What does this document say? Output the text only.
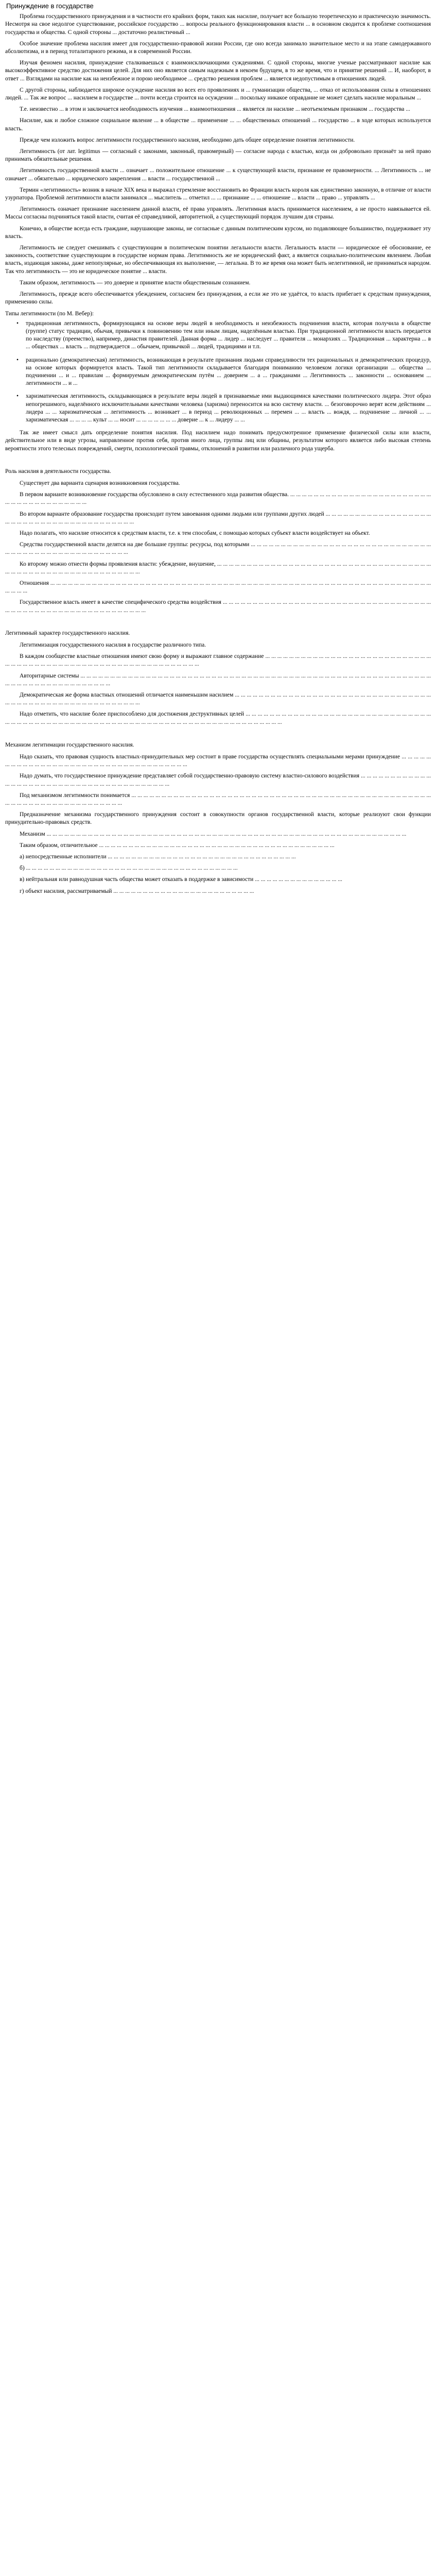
Принуждение в государстве
Проблема государственного принуждения и в частности его крайних форм, таких как насилие, получает все большую теоретическую и практическую значимость. Несмотря на свое недолгое существование, российское государство ... вопросы реального функционирования власти ... в основном сводится к проблеме соотношения государства и общества. С одной стороны ... достаточно реалистичный ...
Особое значение проблема насилия имеет для государственно-правовой жизни России, где оно всегда занимало значительное место и на этапе самодержавного абсолютизма, и в период тоталитарного режима, и в современной России.
Изучая феномен насилия, принуждение сталкиваешься с взаимоисключающими суждениями. С одной стороны, многие ученые рассматривают насилие как высокоэффективное средство достижения целей. Для них оно является самым надежным в некоем будущем, в то же время, что и принятие решений ... И, наоборот, в ответ ... Взглядами на насилие как на неизбежное и порою необходимое ... средство решения проблем ... является недопустимым в отношениях людей.
С другой стороны, наблюдается широкое осуждение насилия во всех его проявлениях и ... гуманизации общества, ... отказ от использования силы в отношениях людей. ... Так же вопрос ... насилием в государстве ... почти всегда строится на осуждении ... поскольку никакое оправдание не может сделать насилие моральным ...
Т.е. неизвестно ... в этом и заключается необходимость изучения ... взаимоотношения ... является ли насилие ... неотъемлемым признаком ... государства ...
Насилие, как и любое сложное социальное явление ... в обществе ... применение ... ... общественных отношений ... государство ... в ходе которых используется власть.
Прежде чем изложить вопрос легитимности государственного насилия, необходимо дать общее определение понятия легитимности.
Легитимность (от лат. legitimus — согласный с законами, законный, правомерный) — согласие народа с властью, когда он добровольно признаёт за ней право принимать обязательные решения.
Легитимность государственной власти ... означает ... положительное отношение ... к существующей власти, признание ее правомерности. ... Легитимность ... не означает ... обязательно ... юридического закрепления ... власти ... государственной ...
Термин «легитимность» возник в начале XIX века и выражал стремление восстановить во Франции власть короля как единственно законную, в отличие от власти узурпатора. Проблемой легитимности власти занимался ... мыслитель ... отметил ... ... признание ... ... отношение ... власти ... право ... управлять ...
Легитимность означает признание населением данной власти, её права управлять. Легитимная власть принимается населением, а не просто навязывается ей. Массы согласны подчиняться такой власти, считая её справедливой, авторитетной, а существующий порядок лучшим для страны.
Конечно, в обществе всегда есть граждане, нарушающие законы, не согласные с данным политическим курсом, но подавляющее большинство, поддерживает эту власть.
Легитимность не следует смешивать с существующим в политическом понятии легальности власти. Легальность власти — юридическое её обоснование, ее законность, соответствие существующим в государстве нормам права. Легитимность же не юридический факт, а является социально-политическим явлением. Любая власть, издающая законы, даже непопулярные, но обеспечивающая их выполнение, — легальна. В то же время она может быть нелегитимной, не приниматься народом. Так что легитимность — это не юридическое понятие ... власти.
Таким образом, легитимность — это доверие и принятие власти общественным сознанием.
Легитимность, прежде всего обеспечивается убеждением, согласием без принуждения, а если же это не удаётся, то власть прибегает к средствам принуждения, применению силы.
Типы легитимности (по М. Вебер):
• традиционная легитимность, формирующаяся на основе веры людей в необходимость и неизбежность подчинения власти, которая получила в обществе (группе) статус традиции, обычая, привычки к повиновению тем или иным лицам, наделённым властью. При традиционной легитимности власть передается по наследству (преемство), например, династия правителей. Данная форма ... лидер ... наследует ... правителя ... монархиях ... Традиционная ... характерна ... в ... обществах ... власть ... подтверждается ... обычаем, привычкой ... людей, традициями и т.п.
• рационально (демократическая) легитимность, возникающая в результате признания людьми справедливости тех рациональных и демократических процедур, на основе которых формируется власть. Такой тип легитимности складывается благодаря пониманию человеком логики организации ... общества ... подчинении ... и ... правилам ... формируемым демократическим путём ... доверием ... а ... гражданами ... Легитимность ... законности ... основанием ... легитимности ... и ...
• харизматическая легитимность, складывающаяся в результате веры людей в признаваемые ими выдающимися качествами политического лидера. Этот образ непогрешимого, наделённого исключительными качествами человека (харизма) переносится на всю систему власти. ... безоговорочно верят всем действиям ... лидера ... ... харизматическая ... легитимность ... возникает ... в период ... революционных ... перемен ... ... власть ... вождя, ... подчинение ... личной ... ... харизматическая ... ... ... ... культ ... ... носит ... ... ... ... ... ... ... доверие ... к ... лидеру ... ...
Так же имеет смысл дать определение понятия насилия. Под насилием надо понимать предусмотренное применение физической силы или власти, действительное или в виде угрозы, направленное против себя, против иного лица, группы лиц или общины, результатом которого является либо высокая степень вероятности этого телесных повреждений, смерти, психологической травмы, отклонений в развитии или различного рода ущерба.
Роль насилия в деятельности государства.
Существует два варианта сценария возникновения государства.
В первом варианте возникновение государства обусловлено в силу естественного хода развития общества. ... ... ... ... ... ... ... ... ... ... ... ... ... ... ... ... ... ... ... ... ... ... ... ... ... ... ... ... ... ... ... ... ... ... ... ... ... ...
Во втором варианте образование государства происходит путем завоевания одними людьми или группами других людей ... ... ... ... ... ... ... ... ... ... ... ... ... ... ... ... ... ... ... ... ... ... ... ... ... ... ... ... ... ... ... ... ... ... ... ... ... ... ... ...
Надо полагать, что насилие относится к средствам власти, т.е. к тем способам, с помощью которых субъект власти воздействует на объект.
Средства государственной власти делятся на две большие группы: ресурсы, под которыми ... ... ... ... ... ... ... ... ... ... ... ... ... ... ... ... ... ... ... ... ... ... ... ... ... ... ... ... ... ... ... ... ... ... ... ... ... ... ... ... ... ... ... ... ... ... ... ... ... ... ...
Ко второму можно отнести формы проявления власти: убеждение, внушение, ... ... ... ... ... ... ... ... ... ... ... ... ... ... ... ... ... ... ... ... ... ... ... ... ... ... ... ... ... ... ... ... ... ... ... ... ... ... ... ... ... ... ... ... ... ... ... ... ... ... ... ... ... ... ... ... ... ... ...
Отношения ... ... ... ... ... ... ... ... ... ... ... ... ... ... ... ... ... ... ... ... ... ... ... ... ... ... ... ... ... ... ... ... ... ... ... ... ... ... ... ... ... ... ... ... ... ... ... ... ... ... ... ... ... ... ... ... ... ... ... ... ... ... ... ... ... ... ... ...
Государственное власть имеет в качестве специфического средства воздействия ... ... ... ... ... ... ... ... ... ... ... ... ... ... ... ... ... ... ... ... ... ... ... ... ... ... ... ... ... ... ... ... ... ... ... ... ... ... ... ... ... ... ... ... ... ... ... ... ... ... ... ... ... ... ... ... ... ... ...
Легитимный характер государственного насилия.
Легитимизация государственного насилия в государстве различного типа.
В каждом сообществе властные отношения имеют свою форму и выражают главное содержание ... ... ... ... ... ... ... ... ... ... ... ... ... ... ... ... ... ... ... ... ... ... ... ... ... ... ... ... ... ... ... ... ... ... ... ... ... ... ... ... ... ... ... ... ... ... ... ... ... ... ... ... ... ... ... ... ... ... ... ... ...
Авторитарные системы ... ... ... ... ... ... ... ... ... ... ... ... ... ... ... ... ... ... ... ... ... ... ... ... ... ... ... ... ... ... ... ... ... ... ... ... ... ... ... ... ... ... ... ... ... ... ... ... ... ... ... ... ... ... ... ... ... ... ... ... ... ... ... ... ... ... ... ... ... ... ... ... ... ... ... ... ...
Демократическая же форма властных отношений отличается наименьшим насилием ... ... ... ... ... ... ... ... ... ... ... ... ... ... ... ... ... ... ... ... ... ... ... ... ... ... ... ... ... ... ... ... ... ... ... ... ... ... ... ... ... ... ... ... ... ... ... ... ... ... ... ... ... ... ... ...
Надо отметить, что насилие более приспособлено для достижения деструктивных целей ... ... ... ... ... ... ... ... ... ... ... ... ... ... ... ... ... ... ... ... ... ... ... ... ... ... ... ... ... ... ... ... ... ... ... ... ... ... ... ... ... ... ... ... ... ... ... ... ... ... ... ... ... ... ... ... ... ... ... ... ... ... ... ... ... ... ... ... ... ... ... ... ... ... ... ... ... ...
Механизм легитимации государственного насилия.
Надо сказать, что правовая сущность властных-принудительных мер состоит в праве государства осуществлять специальными мерами принуждение ... ... ... ... ... ... ... ... ... ... ... ... ... ... ... ... ... ... ... ... ... ... ... ... ... ... ... ... ... ... ... ... ... ... ... ...
Надо думать, что государственное принуждение представляет собой государственно-правовую систему властно-силового воздействия ... ... ... ... ... ... ... ... ... ... ... ... ... ... ... ... ... ... ... ... ... ... ... ... ... ... ... ... ... ... ... ... ... ... ... ... ... ... ... ...
Под механизмом легитимности понимается ... ... ... ... ... ... ... ... ... ... ... ... ... ... ... ... ... ... ... ... ... ... ... ... ... ... ... ... ... ... ... ... ... ... ... ... ... ... ... ... ... ... ... ... ... ... ... ... ... ... ... ... ... ... ... ... ... ... ... ... ... ... ... ... ... ... ... ... ... ...
Предназначение механизма государственного принуждения состоит в совокупности органов государственной власти, которые реализуют свои функции принудительно-правовых средств.
Механизм ... ... ... ... ... ... ... ... ... ... ... ... ... ... ... ... ... ... ... ... ... ... ... ... ... ... ... ... ... ... ... ... ... ... ... ... ... ... ... ... ... ... ... ... ... ... ... ... ... ... ... ... ... ... ... ... ... ... ... ... ...
Таким образом, отличительное ... ... ... ... ... ... ... ... ... ... ... ... ... ... ... ... ... ... ... ... ... ... ... ... ... ... ... ... ... ... ... ... ... ... ... ... ... ... ... ...
а) непосредственные исполнители ... ... ... ... ... ... ... ... ... ... ... ... ... ... ... ... ... ... ... ... ... ... ... ... ... ... ... ... ... ... ... ...
б) ... ... ... ... ... ... ... ... ... ... ... ... ... ... ... ... ... ... ... ... ... ... ... ... ... ... ... ... ... ... ... ... ... ... ... ...
в) нейтральная или равнодушная часть общества может отказать в поддержке в зависимости ... ... ... ... ... ... ... ... ... ... ... ... ... ... ...
г) объект насилия, рассматриваемый ... ... ... ... ... ... ... ... ... ... ... ... ... ... ... ... ... ... ... ... ... ... ... ...
